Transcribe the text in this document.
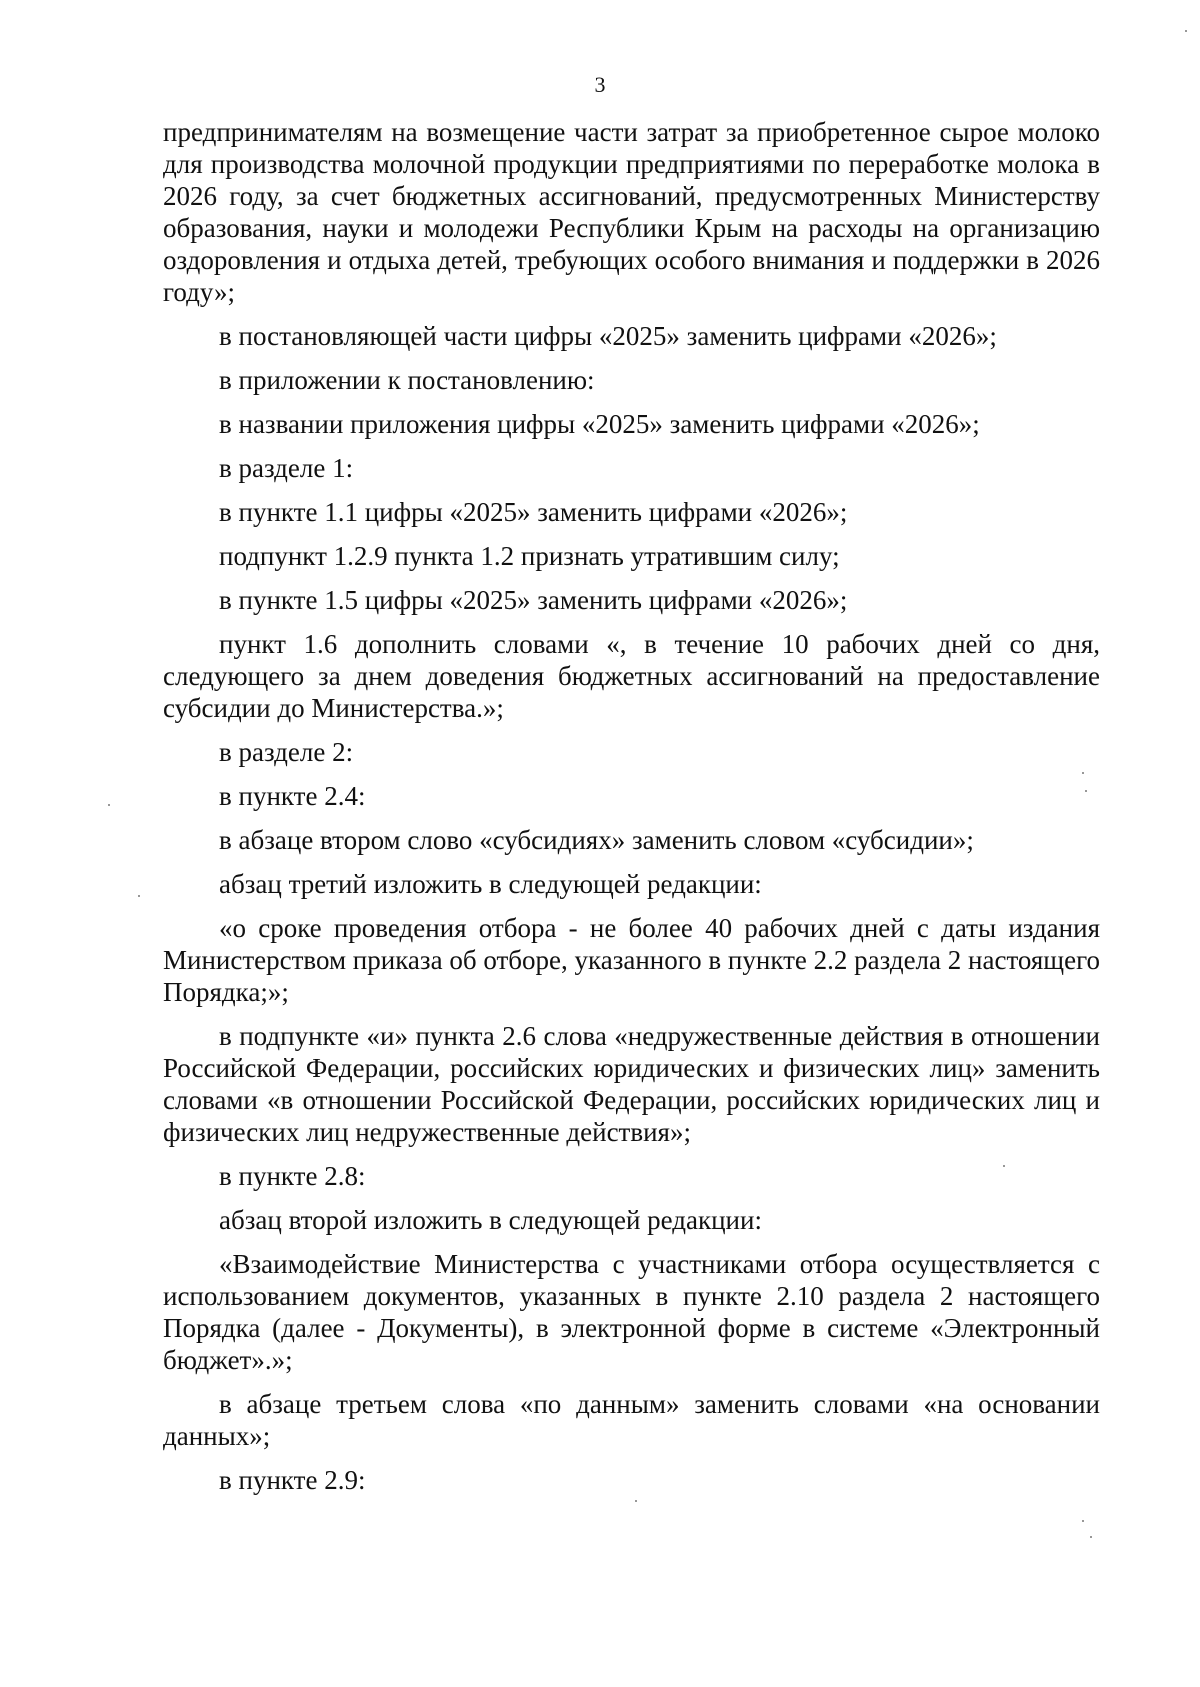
3

предпринимателям на возмещение части затрат за приобретенное сырое молоко для производства молочной продукции предприятиями по переработке молока в 2026 году, за счет бюджетных ассигнований, предусмотренных Министерству образования, науки и молодежи Республики Крым на расходы на организацию оздоровления и отдыха детей, требующих особого внимания и поддержки в 2026 году»;

в постановляющей части цифры «2025» заменить цифрами «2026»;

в приложении к постановлению:

в названии приложения цифры «2025» заменить цифрами «2026»;

в разделе 1:

в пункте 1.1 цифры «2025» заменить цифрами «2026»;

подпункт 1.2.9 пункта 1.2 признать утратившим силу;

в пункте 1.5 цифры «2025» заменить цифрами «2026»;

пункт 1.6 дополнить словами «, в течение 10 рабочих дней со дня, следующего за днем доведения бюджетных ассигнований на предоставление субсидии до Министерства.»;

в разделе 2:

в пункте 2.4:

в абзаце втором слово «субсидиях» заменить словом «субсидии»;

абзац третий изложить в следующей редакции:

«о сроке проведения отбора - не более 40 рабочих дней с даты издания Министерством приказа об отборе, указанного в пункте 2.2 раздела 2 настоящего Порядка;»;

в подпункте «и» пункта 2.6 слова «недружественные действия в отношении Российской Федерации, российских юридических и физических лиц» заменить словами «в отношении Российской Федерации, российских юридических лиц и физических лиц недружественные действия»;

в пункте 2.8:

абзац второй изложить в следующей редакции:

«Взаимодействие Министерства с участниками отбора осуществляется с использованием документов, указанных в пункте 2.10 раздела 2 настоящего Порядка (далее - Документы), в электронной форме в системе «Электронный бюджет».»;

в абзаце третьем слова «по данным» заменить словами «на основании данных»;

в пункте 2.9:
